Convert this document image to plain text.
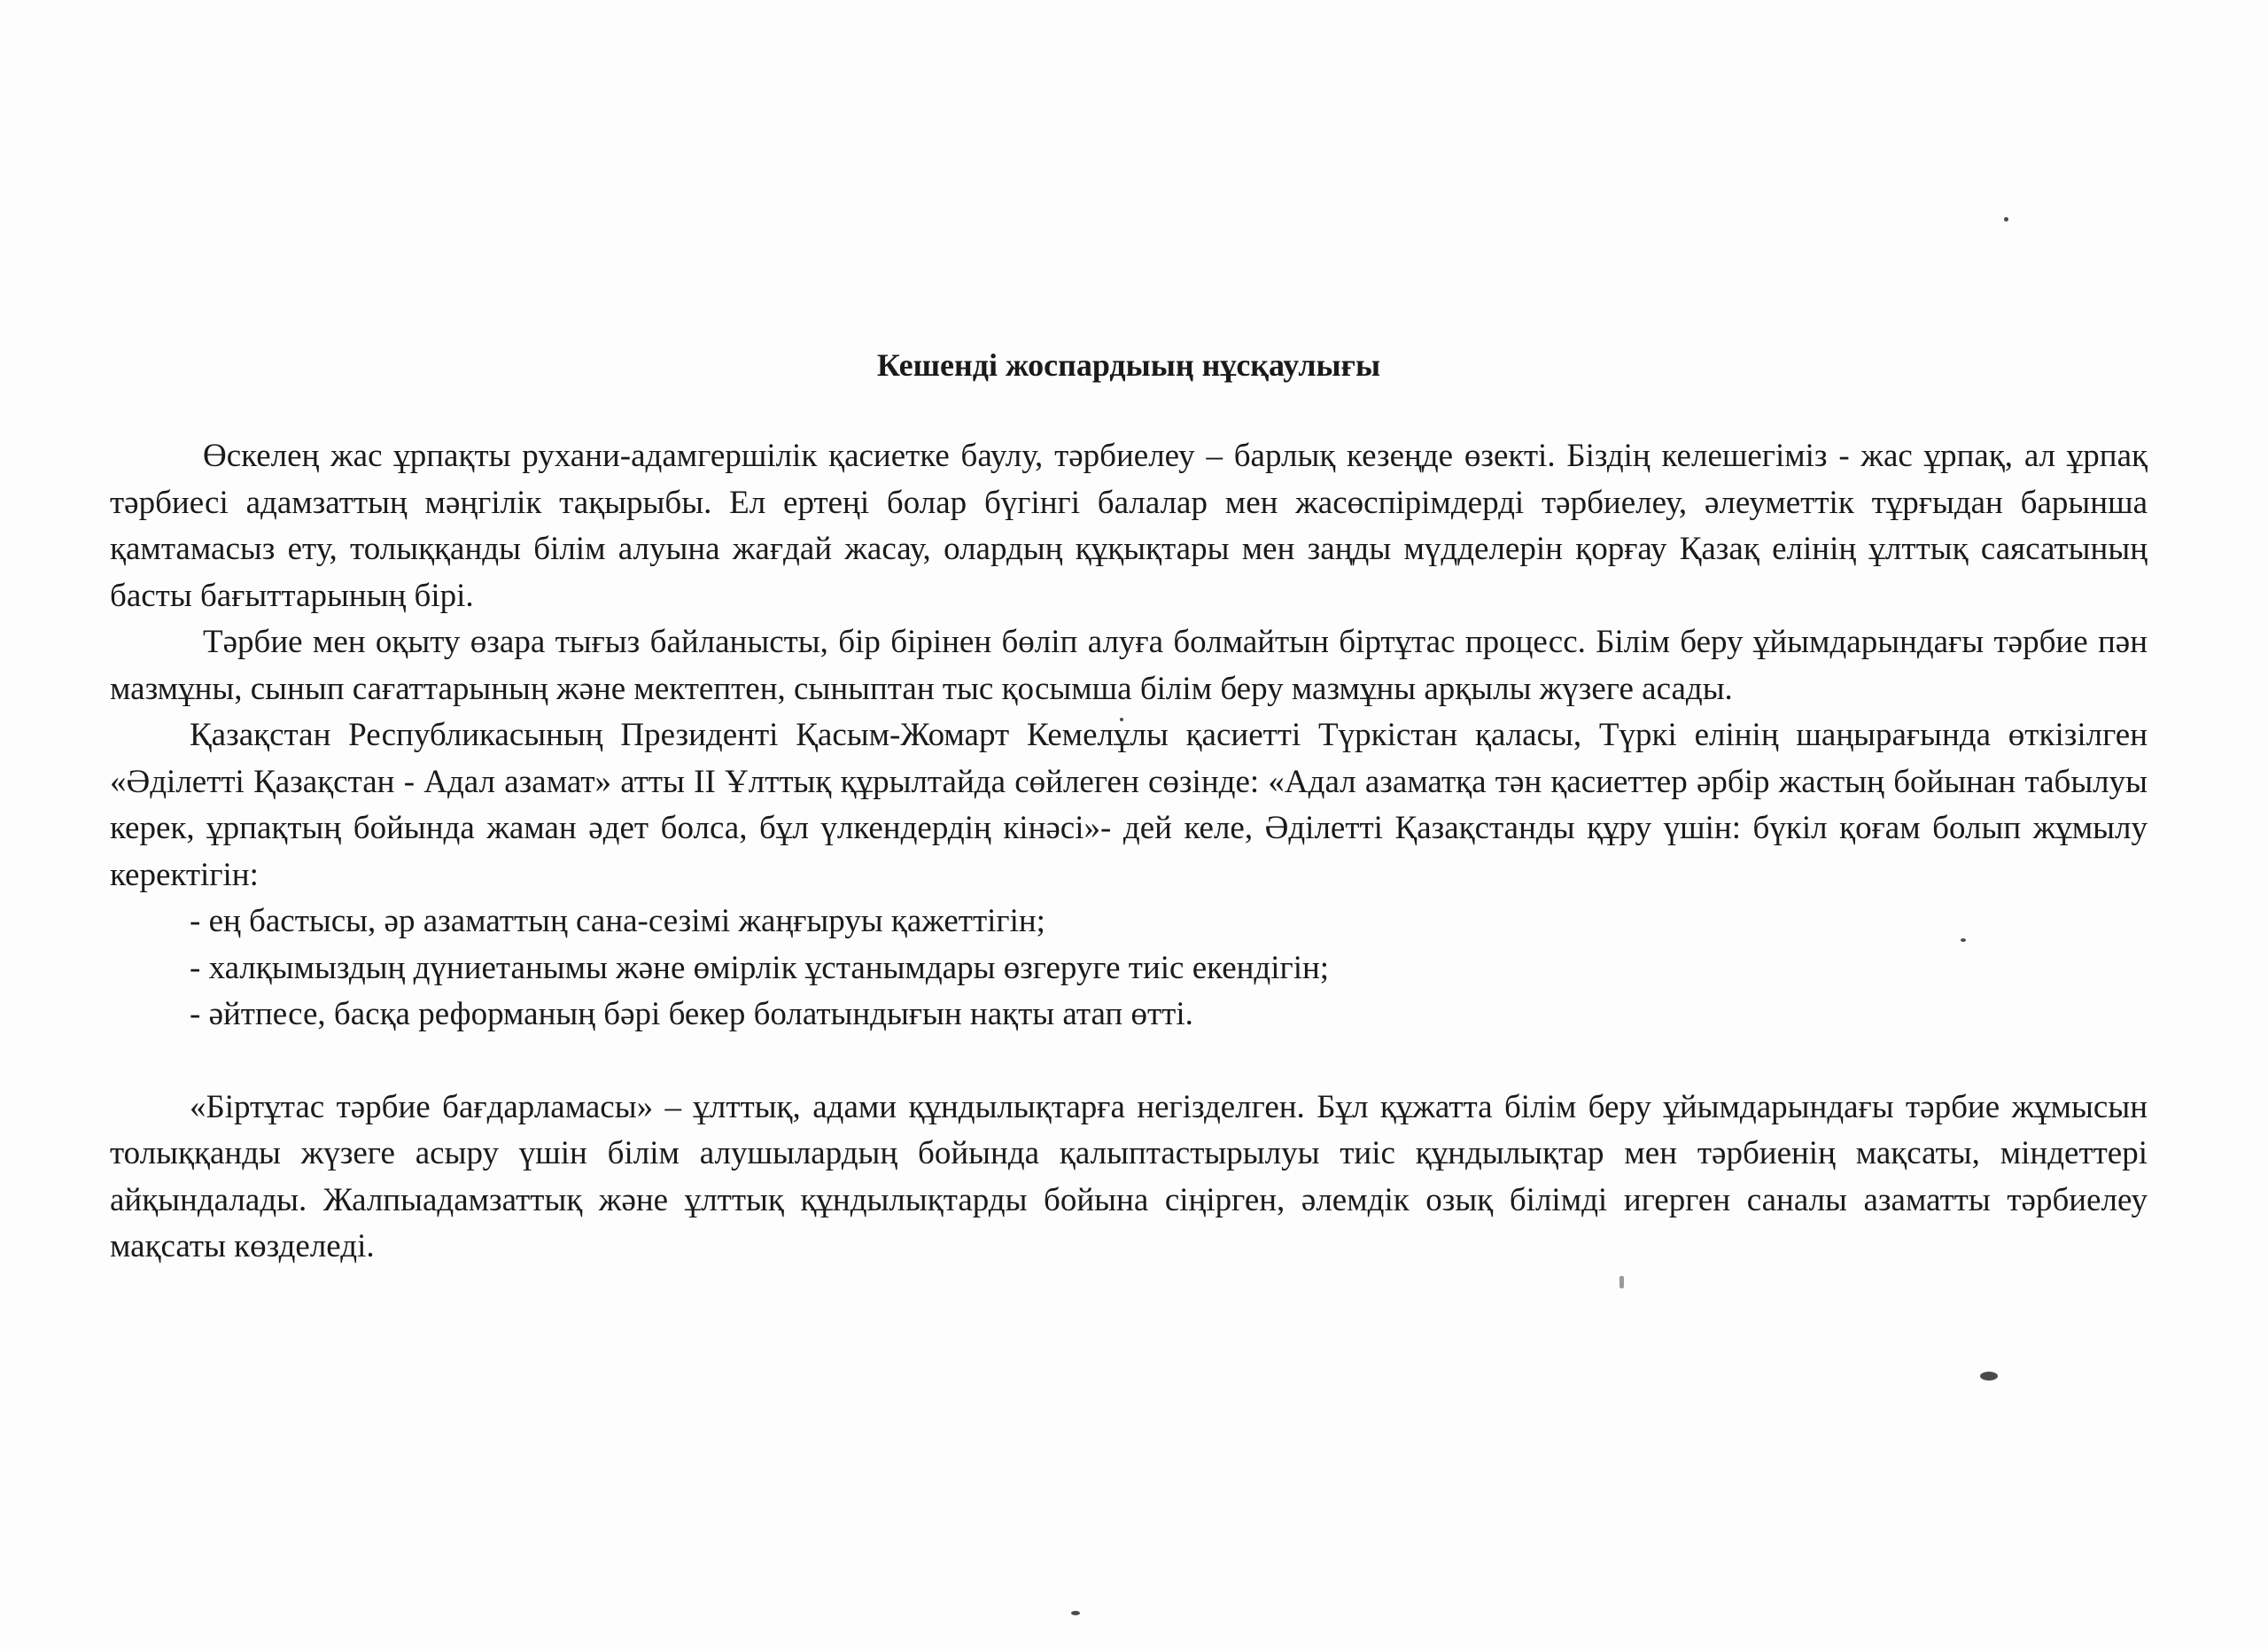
Кешенді жоспардыың нұсқаулығы

Өскелең жас ұрпақты рухани-адамгершілік қасиетке баулу, тәрбиелеу – барлық кезеңде өзекті. Біздің келешегіміз - жас ұрпақ, ал ұрпақ тәрбиесі адамзаттың мәңгілік тақырыбы. Ел ертеңі болар бүгінгі балалар мен жасөспірімдерді тәрбиелеу, әлеуметтік тұрғыдан барынша қамтамасыз ету, толыққанды білім алуына жағдай жасау, олардың құқықтары мен заңды мүдделерін қорғау Қазақ елінің ұлттық саясатының басты бағыттарының бірі.

Тәрбие мен оқыту өзара тығыз байланысты, бір бірінен бөліп алуға болмайтын біртұтас процесс. Білім беру ұйымдарындағы тәрбие пән мазмұны, сынып сағаттарының және мектептен, сыныптан тыс қосымша білім беру мазмұны арқылы жүзеге асады.

Қазақстан Республикасының Президенті Қасым-Жомарт Кемелұлы қасиетті Түркістан қаласы, Түркі елінің шаңырағында өткізілген «Әділетті Қазақстан - Адал азамат» атты II Ұлттық құрылтайда сөйлеген сөзінде: «Адал азаматқа тән қасиеттер әрбір жастың бойынан табылуы керек, ұрпақтың бойында жаман әдет болса, бұл үлкендердің кінәсі»- дей келе, Әділетті Қазақстанды құру үшін: бүкіл қоғам болып жұмылу керектігін:

- ең бастысы, әр азаматтың сана-сезімі жаңғыруы қажеттігін;
- халқымыздың дүниетанымы және өмірлік ұстанымдары өзгеруге тиіс екендігін;
- әйтпесе, басқа реформаның бәрі бекер болатындығын нақты атап өтті.

«Біртұтас тәрбие бағдарламасы» – ұлттық, адами құндылықтарға негізделген. Бұл құжатта білім беру ұйымдарындағы тәрбие жұмысын толыққанды жүзеге асыру үшін білім алушылардың бойында қалыптастырылуы тиіс құндылықтар мен тәрбиенің мақсаты, міндеттері айқындалады. Жалпыадамзаттық және ұлттық құндылықтарды бойына сіңірген, әлемдік озық білімді игерген саналы азаматты тәрбиелеу мақсаты көзделеді.
